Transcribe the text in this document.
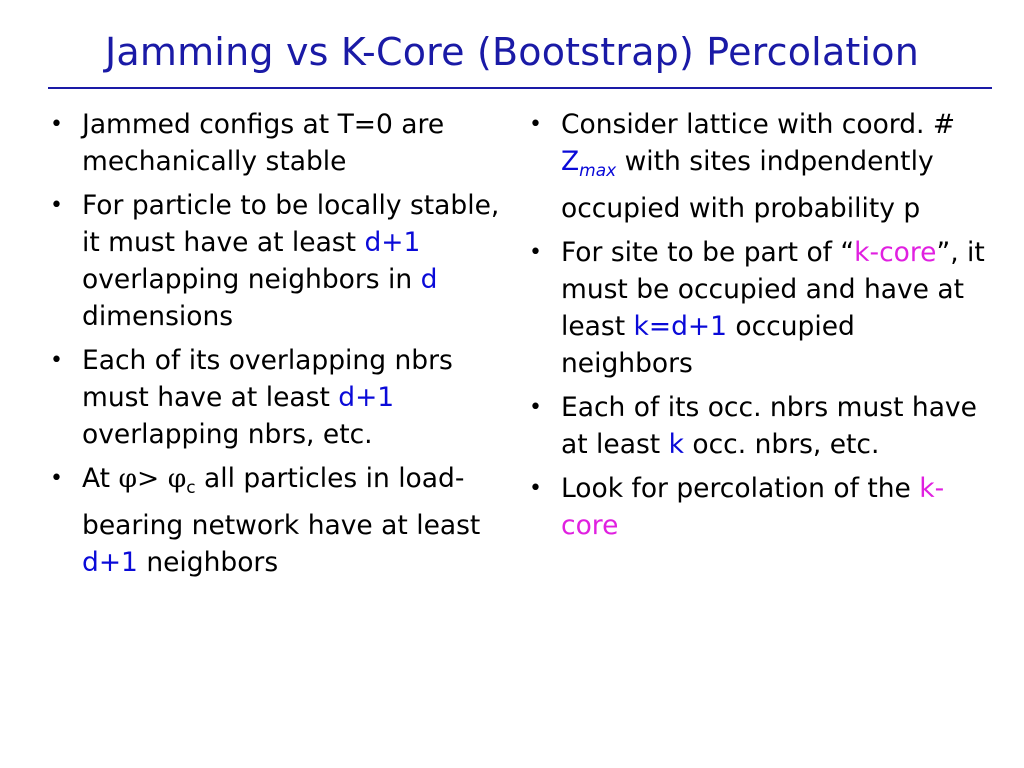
Jamming vs K-Core (Bootstrap) Percolation
• Jammed configs at T=0 are mechanically stable
• For particle to be locally stable, it must have at least d+1 overlapping neighbors in d dimensions
• Each of its overlapping nbrs must have at least d+1 overlapping nbrs, etc.
• At $\varphi> \varphi_c$ all particles in load-bearing network have at least d+1 neighbors
• Consider lattice with coord. # $Z_{max}$ with sites indpendently occupied with probability p
• For site to be part of “k-core”, it must be occupied and have at least k=d+1 occupied neighbors
• Each of its occ. nbrs must have at least k occ. nbrs, etc.
• Look for percolation of the k-core
